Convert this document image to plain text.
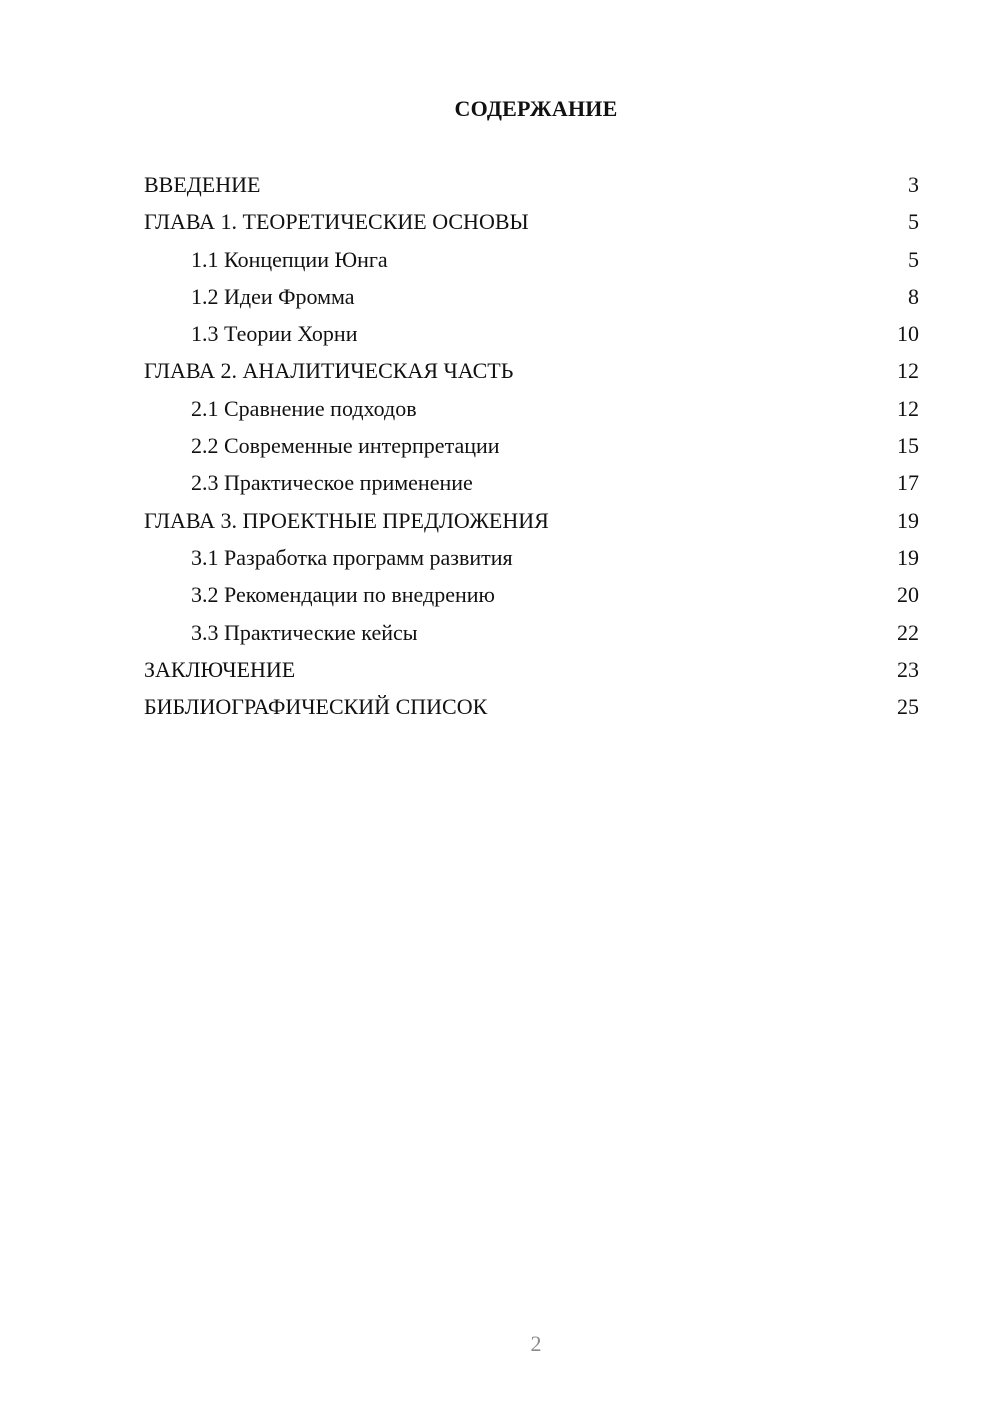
СОДЕРЖАНИЕ
ВВЕДЕНИЕ	3
ГЛАВА 1. ТЕОРЕТИЧЕСКИЕ ОСНОВЫ	5
1.1 Концепции Юнга	5
1.2 Идеи Фромма	8
1.3 Теории Хорни	10
ГЛАВА 2. АНАЛИТИЧЕСКАЯ ЧАСТЬ	12
2.1 Сравнение подходов	12
2.2 Современные интерпретации	15
2.3 Практическое применение	17
ГЛАВА 3. ПРОЕКТНЫЕ ПРЕДЛОЖЕНИЯ	19
3.1 Разработка программ развития	19
3.2 Рекомендации по внедрению	20
3.3 Практические кейсы	22
ЗАКЛЮЧЕНИЕ	23
БИБЛИОГРАФИЧЕСКИЙ СПИСОК	25
2
